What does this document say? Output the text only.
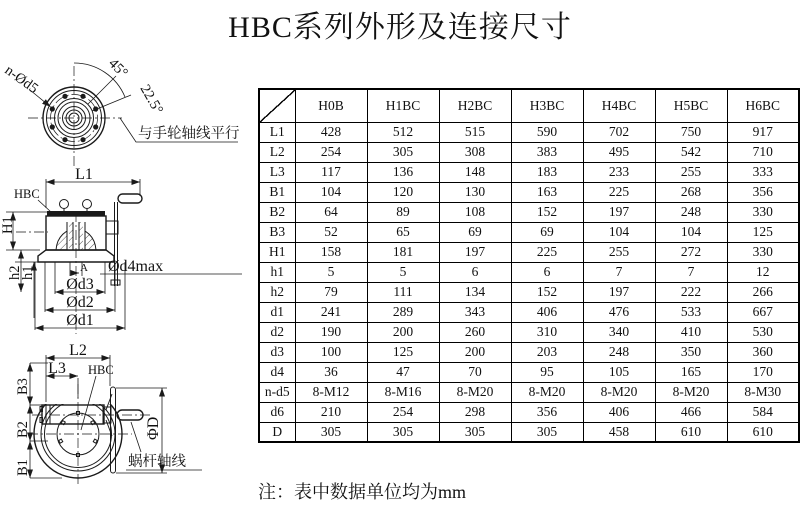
HBC系列外形及连接尺寸
45°
22.5°
n-Ød5
与手轮轴线平行
L1
HBC
H1
h2
h1	A Ød4max
Ød3
Ød2
Ød1
L2
L3 HBC
B3
B2
B1
ΦD
蜗杆轴线
	H0B	H1BC	H2BC	H3BC	H4BC	H5BC	H6BC
L1	428	512	515	590	702	750	917
L2	254	305	308	383	495	542	710
L3	117	136	148	183	233	255	333
B1	104	120	130	163	225	268	356
B2	64	89	108	152	197	248	330
B3	52	65	69	69	104	104	125
H1	158	181	197	225	255	272	330
h1	5	5	6	6	7	7	12
h2	79	111	134	152	197	222	266
d1	241	289	343	406	476	533	667
d2	190	200	260	310	340	410	530
d3	100	125	200	203	248	350	360
d4	36	47	70	95	105	165	170
n-d5	8-M12	8-M16	8-M20	8-M20	8-M20	8-M20	8-M30
d6	210	254	298	356	406	466	584
D	305	305	305	305	458	610	610

注：表中数据单位均为mm
